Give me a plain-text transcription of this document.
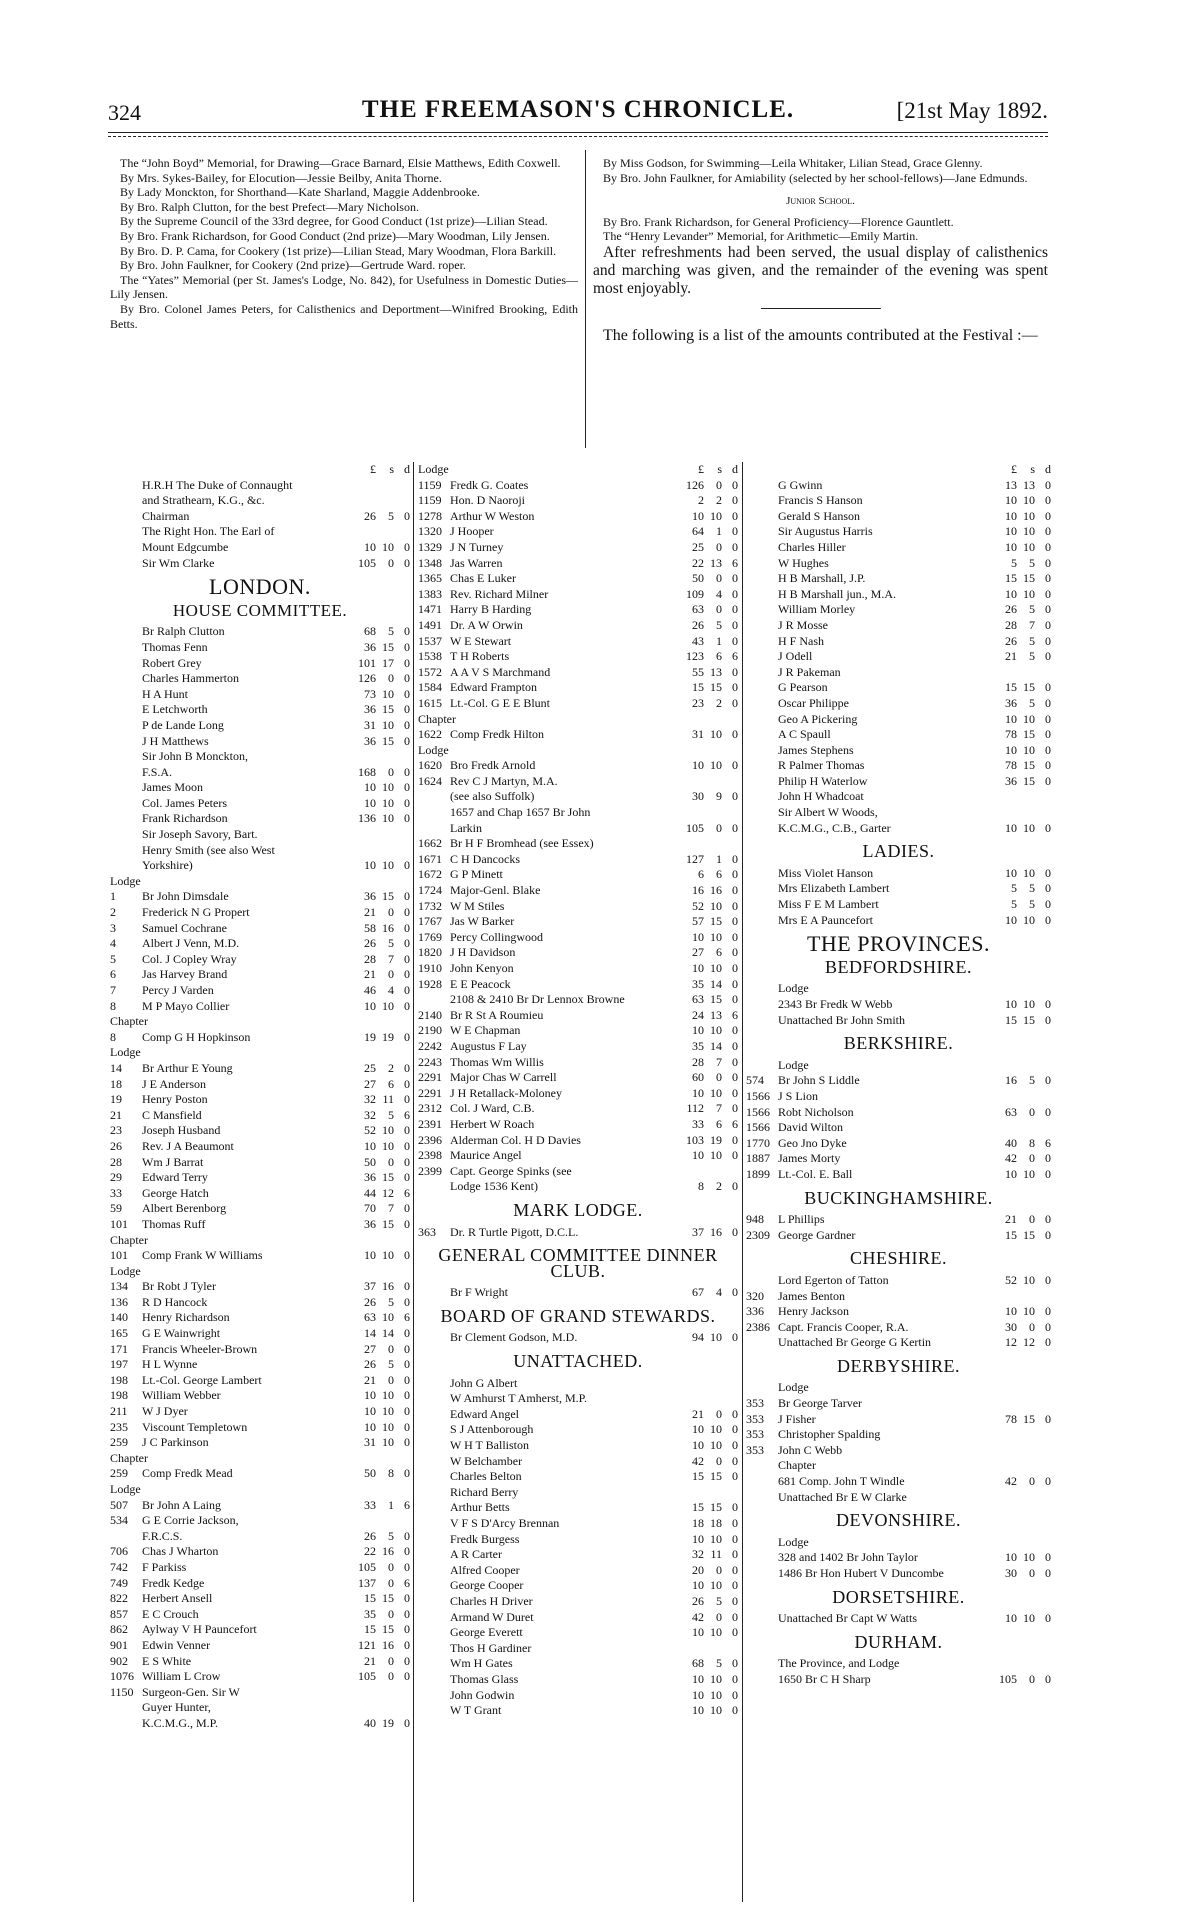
324	THE FREEMASON'S CHRONICLE.	[21st May 1892.

The “John Boyd” Memorial, for Drawing—Grace Barnard, Elsie Matthews, Edith Coxwell.

By Mrs. Sykes-Bailey, for Elocution—Jessie Beilby, Anita Thorne.

By Lady Monckton, for Shorthand—Kate Sharland, Maggie Addenbrooke.

By Bro. Ralph Clutton, for the best Prefect—Mary Nicholson.

By the Supreme Council of the 33rd degree, for Good Conduct (1st prize)—Lilian Stead.

By Bro. Frank Richardson, for Good Conduct (2nd prize)—Mary Woodman, Lily Jensen.

By Bro. D. P. Cama, for Cookery (1st prize)—Lilian Stead, Mary Woodman, Flora Barkill.

By Bro. John Faulkner, for Cookery (2nd prize)—Gertrude Ward. roper.

The “Yates” Memorial (per St. James's Lodge, No. 842), for Usefulness in Domestic Duties—Lily Jensen.

By Bro. Colonel James Peters, for Calisthenics and Deportment—Winifred Brooking, Edith Betts.

By Miss Godson, for Swimming—Leila Whitaker, Lilian Stead, Grace Glenny.

By Bro. John Faulkner, for Amiability (selected by her school-fellows)—Jane Edmunds.

Junior School.

By Bro. Frank Richardson, for General Proficiency—Florence Gauntlett.

The “Henry Levander” Memorial, for Arithmetic—Emily Martin.

After refreshments had been served, the usual display of calisthenics and marching was given, and the remainder of the evening was spent most enjoyably.

The following is a list of the amounts contributed at the Festival :—

£	s d
H.R.H The Duke of Connaught
and Strathearn, K.G., &c.
Chairman	26	5 0
The Right Hon. The Earl of
Mount Edgcumbe	10 10 0
Sir Wm Clarke	105	0 0
LONDON.
HOUSE COMMITTEE.
Br Ralph Clutton	68	5 0
Thomas Fenn	36 15 0
Robert Grey	101 17 0
Charles Hammerton	126	0 0
H A Hunt	73 10 0
E Letchworth	36 15 0
P de Lande Long	31 10 0
J H Matthews	36 15 0
Sir John B Monckton,
F.S.A.	168	0 0
James Moon	10 10 0
Col. James Peters	10 10 0
Frank Richardson	136 10 0
Sir Joseph Savory, Bart.
Henry Smith (see also West
Yorkshire)	10 10 0
Lodge
1	Br John Dimsdale	36 15 0
2	Frederick N G Propert	21	0 0
3	Samuel Cochrane	58 16 0
4	Albert J Venn, M.D.	26	5 0
5	Col. J Copley Wray	28	7 0
6	Jas Harvey Brand	21	0 0
7	Percy J Varden	46	4 0
8	M P Mayo Collier	10 10 0
Chapter
8	Comp G H Hopkinson	19 19 0
Lodge
14	Br Arthur E Young	25	2 0
18	J E Anderson	27	6 0
19	Henry Poston	32 11 0
21	C Mansfield	32	5 6
23	Joseph Husband	52 10 0
26	Rev. J A Beaumont	10 10 0
28	Wm J Barrat	50	0 0
29	Edward Terry	36 15 0
33	George Hatch	44 12 6
59	Albert Berenborg	70	7 0
101	Thomas Ruff	36 15 0
Chapter
101	Comp Frank W Williams	10 10 0
Lodge
134	Br Robt J Tyler	37 16 0
136	R D Hancock	26	5 0
140	Henry Richardson	63 10 6
165	G E Wainwright	14 14 0
171	Francis Wheeler-Brown	27	0 0
197	H L Wynne	26	5 0
198	Lt.-Col. George Lambert	21	0 0
198	William Webber	10 10 0
211	W J Dyer	10 10 0
235	Viscount Templetown	10 10 0
259	J C Parkinson	31 10 0
Chapter
259	Comp Fredk Mead	50	8 0
Lodge
507	Br John A Laing	33	1 6
534	G E Corrie Jackson,
F.R.C.S.	26	5 0
706	Chas J Wharton	22 16 0
742	F Parkiss	105	0 0
749	Fredk Kedge	137	0 6
822	Herbert Ansell	15 15 0
857	E C Crouch	35	0 0
862	Aylway V H Pauncefort	15 15 0
901	Edwin Venner	121 16 0
902	E S White	21	0 0
1076 William L Crow	105	0 0
1150 Surgeon-Gen. Sir W
Guyer Hunter,
K.C.M.G., M.P.	40 19 0
Lodge	£	s d
1159 Fredk G. Coates	126	0 0
1159 Hon. D Naoroji	2	2 0
1278 Arthur W Weston	10 10 0
1320 J Hooper	64	1 0
1329 J N Turney	25	0 0
1348 Jas Warren	22 13 6
1365 Chas E Luker	50	0 0
1383 Rev. Richard Milner	109	4 0
1471 Harry B Harding	63	0 0
1491 Dr. A W Orwin	26	5 0
1537 W E Stewart	43	1 0
1538 T H Roberts	123	6 6
1572 A A V S Marchmand	55 13 0
1584 Edward Frampton	15 15 0
1615 Lt.-Col. G E E Blunt	23	2 0
Chapter
1622 Comp Fredk Hilton	31 10 0
Lodge
1620 Bro Fredk Arnold	10 10 0
1624 Rev C J Martyn, M.A.
(see also Suffolk)	30	9 0
1657 and Chap 1657 Br John
Larkin	105	0 0
1662 Br H F Bromhead (see Essex)
1671 C H Dancocks	127	1 0
1672 G P Minett	6	6 0
1724 Major-Genl. Blake	16 16 0
1732 W M Stiles	52 10 0
1767 Jas W Barker	57 15 0
1769 Percy Collingwood	10 10 0
1820 J H Davidson	27	6 0
1910 John Kenyon	10 10 0
1928 E E Peacock	35 14 0
2108 & 2410 Br Dr Lennox Browne	63 15 0
2140 Br R St A Roumieu	24 13 6
2190 W E Chapman	10 10 0
2242 Augustus F Lay	35 14 0
2243 Thomas Wm Willis	28	7 0
2291 Major Chas W Carrell	60	0 0
2291 J H Retallack-Moloney	10 10 0
2312 Col. J Ward, C.B.	112	7 0
2391 Herbert W Roach	33	6 6
2396 Alderman Col. H D Davies	103 19 0
2398 Maurice Angel	10 10 0
2399 Capt. George Spinks (see
Lodge 1536 Kent)	8	2 0
MARK LODGE.
363	Dr. R Turtle Pigott, D.C.L.	37 16 0
GENERAL COMMITTEE DINNER CLUB.
Br F Wright	67	4 0
BOARD OF GRAND STEWARDS.
Br Clement Godson, M.D.	94 10 0
UNATTACHED.
John G Albert
W Amhurst T Amherst, M.P.
Edward Angel	21	0 0
S J Attenborough	10 10 0
W H T Balliston	10 10 0
W Belchamber	42	0 0
Charles Belton	15 15 0
Richard Berry
Arthur Betts	15 15 0
V F S D'Arcy Brennan	18 18 0
Fredk Burgess	10 10 0
A R Carter	32 11 0
Alfred Cooper	20	0 0
George Cooper	10 10 0
Charles H Driver	26	5 0
Armand W Duret	42	0 0
George Everett	10 10 0
Thos H Gardiner
Wm H Gates	68	5 0
Thomas Glass	10 10 0
John Godwin	10 10 0
W T Grant	10 10 0
£	s d
G Gwinn	13 13 0
Francis S Hanson	10 10 0
Gerald S Hanson	10 10 0
Sir Augustus Harris	10 10 0
Charles Hiller	10 10 0
W Hughes	5	5 0
H B Marshall, J.P.	15 15 0
H B Marshall jun., M.A.	10 10 0
William Morley	26	5 0
J R Mosse	28	7 0
H F Nash	26	5 0
J Odell	21	5 0
J R Pakeman
G Pearson	15 15 0
Oscar Philippe	36	5 0
Geo A Pickering	10 10 0
A C Spaull	78 15 0
James Stephens	10 10 0
R Palmer Thomas	78 15 0
Philip H Waterlow	36 15 0
John H Whadcoat
Sir Albert W Woods,
K.C.M.G., C.B., Garter	10 10 0
LADIES.
Miss Violet Hanson	10 10 0
Mrs Elizabeth Lambert	5	5 0
Miss F E M Lambert	5	5 0
Mrs E A Pauncefort	10 10 0
THE PROVINCES.
BEDFORDSHIRE.
Lodge
2343 Br Fredk W Webb	10 10 0
Unattached Br John Smith	15 15 0
BERKSHIRE.
Lodge
574	Br John S Liddle	16	5 0
1566 J S Lion
1566 Robt Nicholson	63	0 0
1566 David Wilton
1770 Geo Jno Dyke	40	8 6
1887 James Morty	42	0 0
1899 Lt.-Col. E. Ball	10 10 0
BUCKINGHAMSHIRE.
948	L Phillips	21	0 0
2309 George Gardner	15 15 0
CHESHIRE.
Lord Egerton of Tatton	52 10 0
320	James Benton
336	Henry Jackson	10 10 0
2386 Capt. Francis Cooper, R.A.	30	0 0
Unattached Br George G Kertin	12 12 0
DERBYSHIRE.
Lodge
353	Br George Tarver
353	J Fisher	78 15 0
353	Christopher Spalding
353	John C Webb
Chapter
681 Comp. John T Windle	42	0 0
Unattached Br E W Clarke
DEVONSHIRE.
Lodge
328 and 1402 Br John Taylor	10 10 0
1486 Br Hon Hubert V Duncombe	30	0 0
DORSETSHIRE.
Unattached Br Capt W Watts	10 10 0
DURHAM.
The Province, and Lodge
1650 Br C H Sharp	105	0 0
